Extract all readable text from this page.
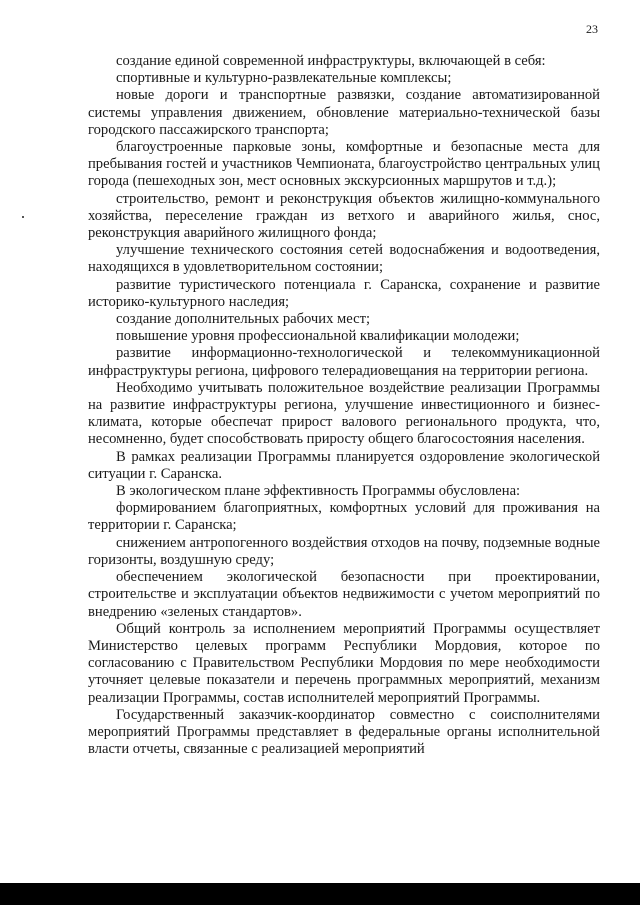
23

создание единой современной инфраструктуры, включающей в себя:

спортивные и культурно-развлекательные комплексы;

новые дороги и транспортные развязки, создание автоматизированной системы управления движением, обновление материально-технической базы городского пассажирского транспорта;

благоустроенные парковые зоны, комфортные и безопасные места для пребывания гостей и участников Чемпионата, благоустройство центральных улиц города (пешеходных зон, мест основных экскурсионных маршрутов и т.д.);

строительство, ремонт и реконструкция объектов жилищно-коммунального хозяйства, переселение граждан из ветхого и аварийного жилья, снос, реконструкция аварийного жилищного фонда;

улучшение технического состояния сетей водоснабжения и водоотведения, находящихся в удовлетворительном состоянии;

развитие туристического потенциала г. Саранска, сохранение и развитие историко-культурного наследия;

создание дополнительных рабочих мест;

повышение уровня профессиональной квалификации молодежи;

развитие информационно-технологической и телекоммуникационной инфраструктуры региона, цифрового телерадиовещания на территории региона.

Необходимо учитывать положительное воздействие реализации Программы на развитие инфраструктуры региона, улучшение инвестиционного и бизнес-климата, которые обеспечат прирост валового регионального продукта, что, несомненно, будет способствовать приросту общего благосостояния населения.

В рамках реализации Программы планируется оздоровление экологической ситуации г. Саранска.

В экологическом плане эффективность Программы обусловлена:

формированием благоприятных, комфортных условий для проживания на территории г. Саранска;

снижением антропогенного воздействия отходов на почву, подземные водные горизонты, воздушную среду;

обеспечением экологической безопасности при проектировании, строительстве и эксплуатации объектов недвижимости с учетом мероприятий по внедрению «зеленых стандартов».

Общий контроль за исполнением мероприятий Программы осуществляет Министерство целевых программ Республики Мордовия, которое по согласованию с Правительством Республики Мордовия по мере необходимости уточняет целевые показатели и перечень программных мероприятий, механизм реализации Программы, состав исполнителей мероприятий Программы.

Государственный заказчик-координатор совместно с соисполнителями мероприятий Программы представляет в федеральные органы исполнительной власти отчеты, связанные с реализацией мероприятий
